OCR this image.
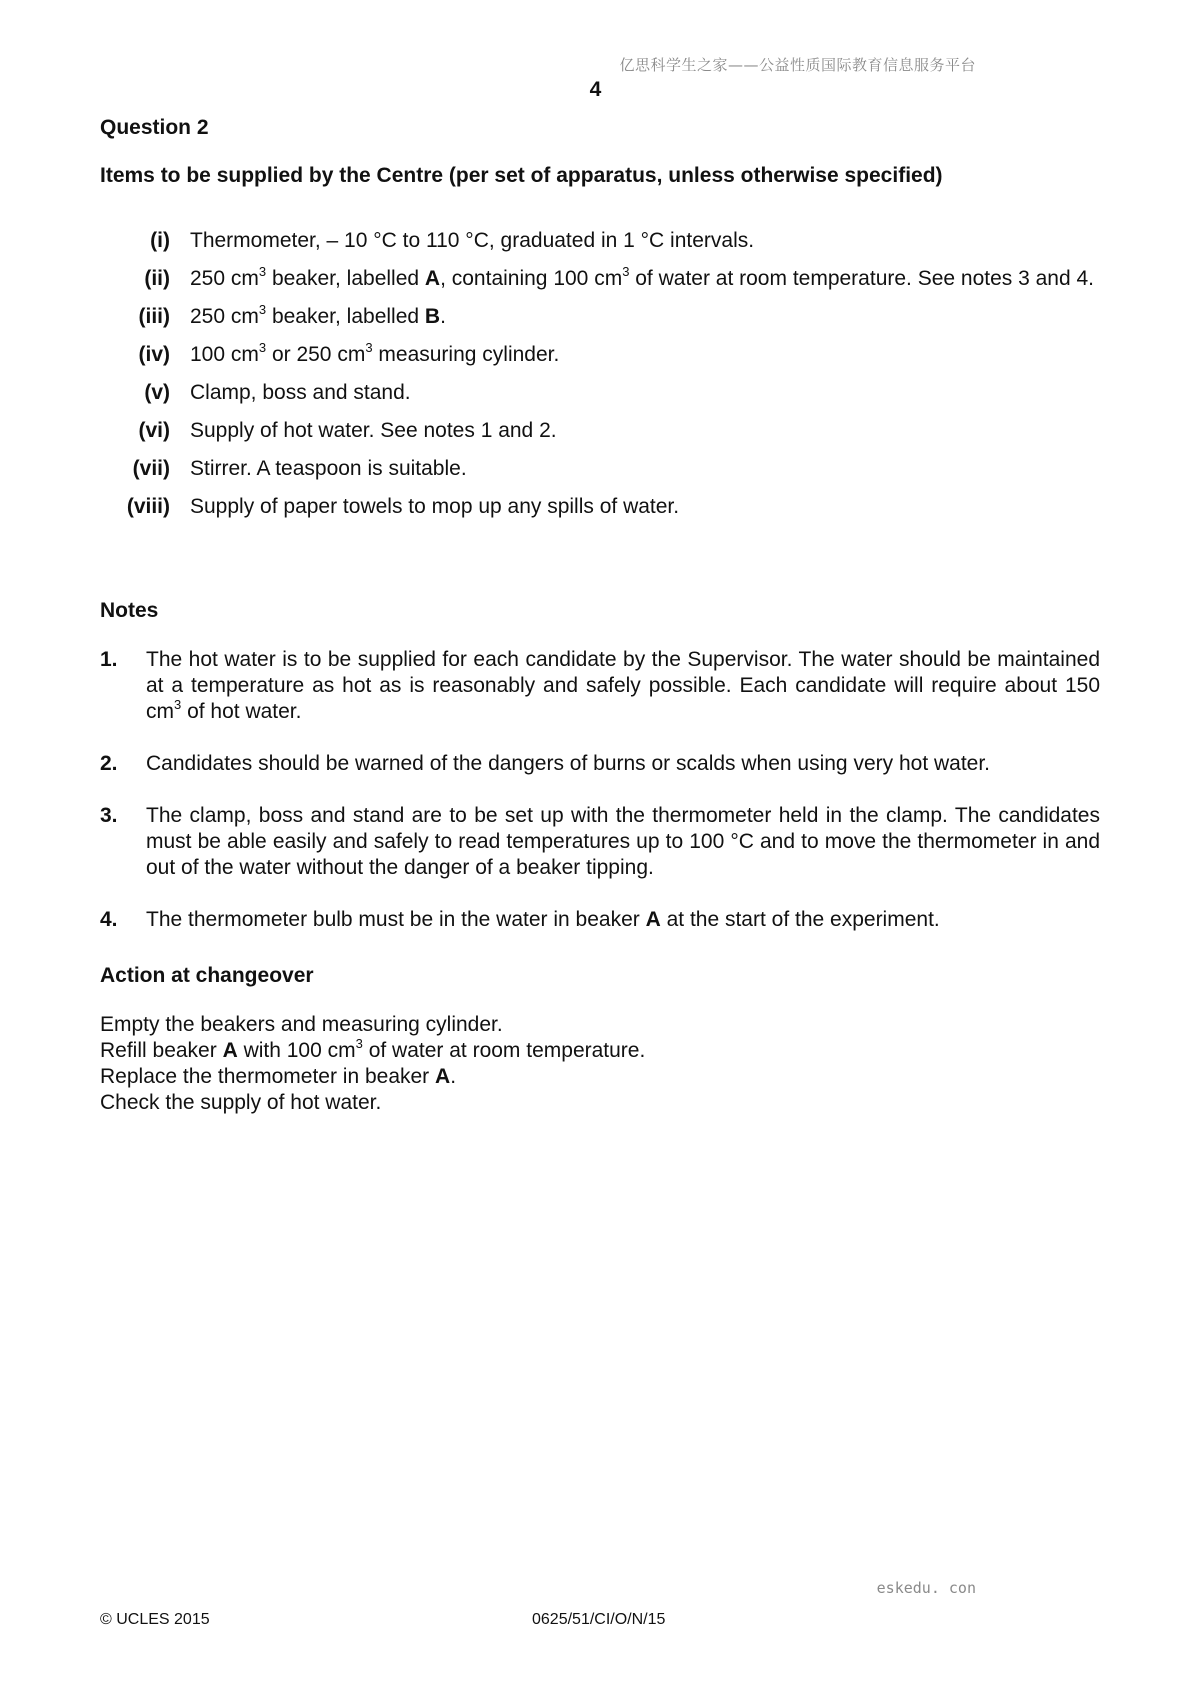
亿思科学生之家——公益性质国际教育信息服务平台
4
Question 2
Items to be supplied by the Centre (per set of apparatus, unless otherwise specified)
(i) Thermometer, – 10 °C to 110 °C, graduated in 1 °C intervals.
(ii) 250 $cm^3$ beaker, labelled A, containing 100 $cm^3$ of water at room temperature. See notes 3 and 4.
(iii) 250 $cm^3$ beaker, labelled B.
(iv) 100 $cm^3$ or 250 $cm^3$ measuring cylinder.
(v) Clamp, boss and stand.
(vi) Supply of hot water. See notes 1 and 2.
(vii) Stirrer. A teaspoon is suitable.
(viii) Supply of paper towels to mop up any spills of water.
Notes
1.	The hot water is to be supplied for each candidate by the Supervisor. The water should be maintained at a temperature as hot as is reasonably and safely possible. Each candidate will require about 150 $cm^3$ of hot water.
2.	Candidates should be warned of the dangers of burns or scalds when using very hot water.
3.	The clamp, boss and stand are to be set up with the thermometer held in the clamp. The candidates must be able easily and safely to read temperatures up to 100 °C and to move the thermometer in and out of the water without the danger of a beaker tipping.
4.	The thermometer bulb must be in the water in beaker A at the start of the experiment.
Action at changeover
Empty the beakers and measuring cylinder.
Refill beaker A with 100 $cm^3$ of water at room temperature.
Replace the thermometer in beaker A.
Check the supply of hot water.
eskedu. con
© UCLES 2015	0625/51/CI/O/N/15
